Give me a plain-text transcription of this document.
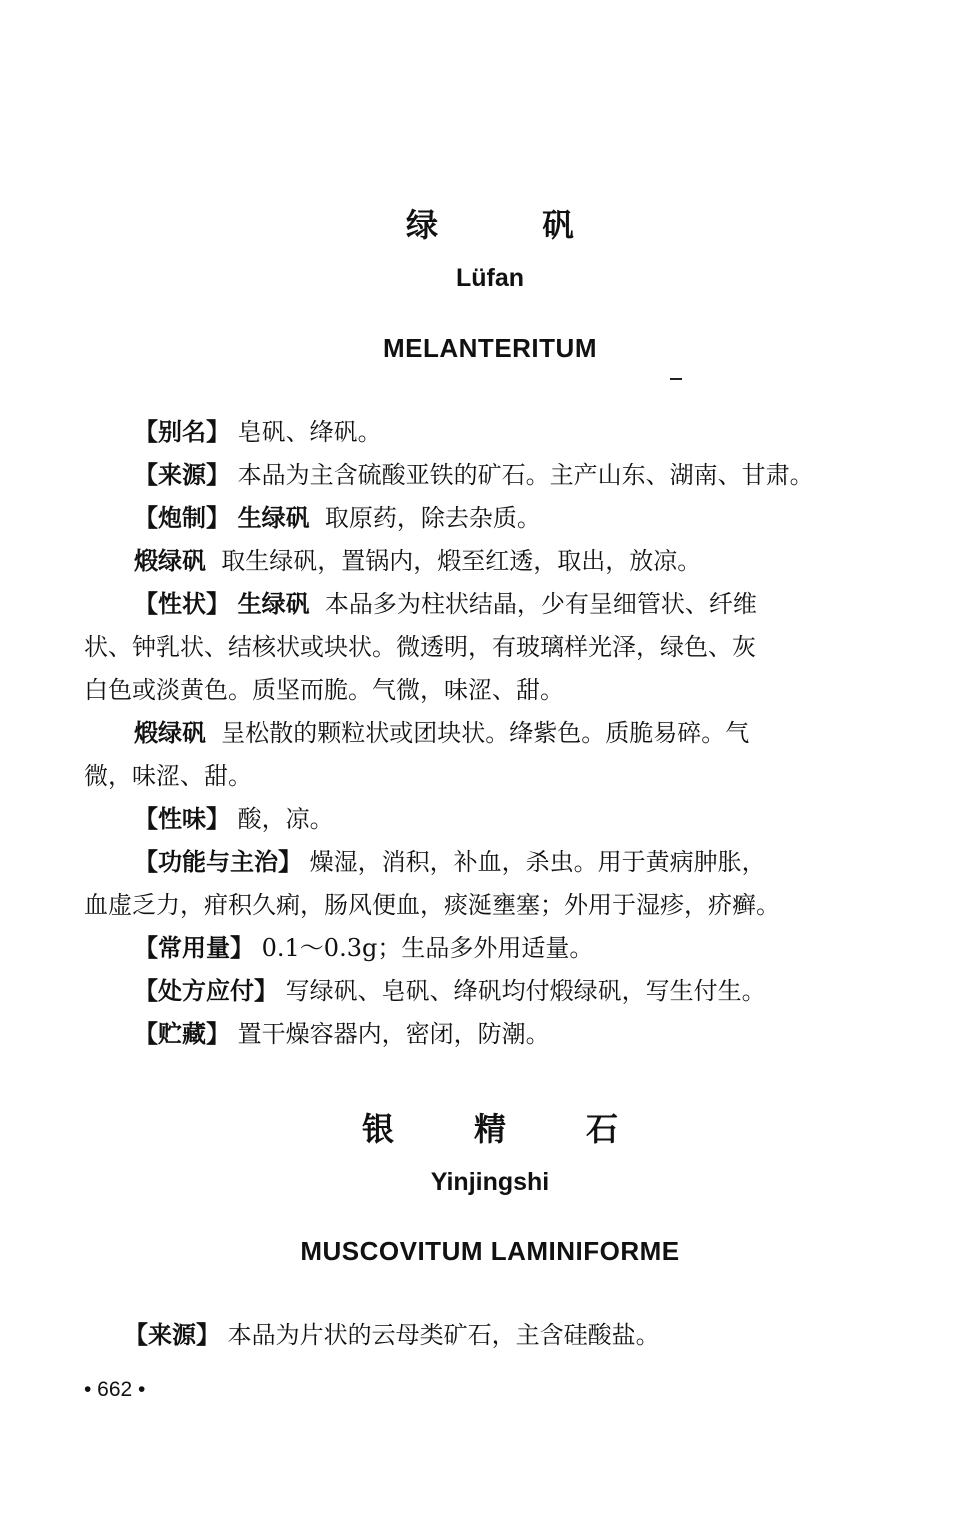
绿	矾
Lüfan
MELANTERITUM
【别名】 皂矾、绛矾。
【来源】 本品为主含硫酸亚铁的矿石。主产山东、湖南、甘肃。
【炮制】 生绿矾 取原药，除去杂质。
煅绿矾 取生绿矾，置锅内，煅至红透，取出，放凉。
【性状】 生绿矾 本品多为柱状结晶，少有呈细管状、纤维
状、钟乳状、结核状或块状。微透明，有玻璃样光泽，绿色、灰
白色或淡黄色。质坚而脆。气微，味涩、甜。
煅绿矾 呈松散的颗粒状或团块状。绛紫色。质脆易碎。气
微，味涩、甜。
【性味】 酸，凉。
【功能与主治】 燥湿，消积，补血，杀虫。用于黄病肿胀，
血虚乏力，疳积久痢，肠风便血，痰涎壅塞；外用于湿疹，疥癣。
【常用量】 0.1～0.3g；生品多外用适量。
【处方应付】 写绿矾、皂矾、绛矾均付煅绿矾，写生付生。
【贮藏】 置干燥容器内，密闭，防潮。
银	精	石
Yinjingshi
MUSCOVITUM LAMINIFORME
【来源】 本品为片状的云母类矿石，主含硅酸盐。
• 662 •
